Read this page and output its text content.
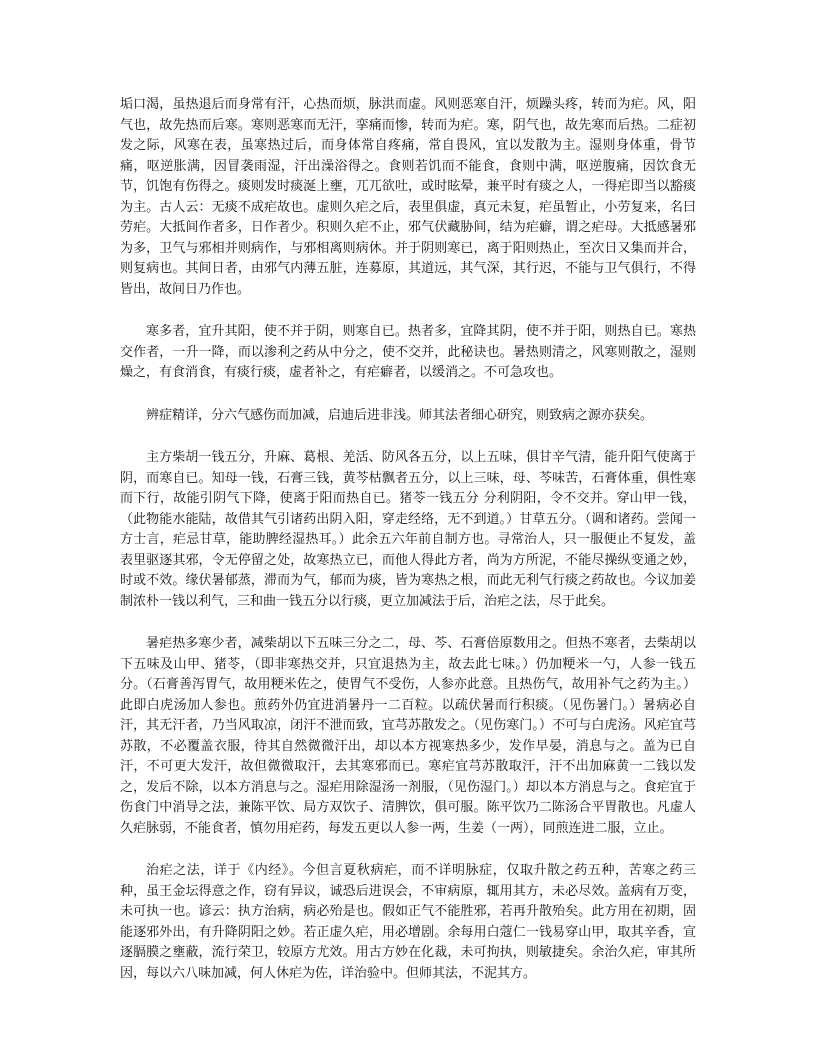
垢口渴，虽热退后而身常有汗，心热而烦，脉洪而虚。风则恶寒自汗，烦躁头疼，转而为疟。风，阳气也，故先热而后寒。寒则恶寒而无汗，挛痛而惨，转而为疟。寒，阴气也，故先寒而后热。二症初发之际，风寒在表，虽寒热过后，而身体常自疼痛，常自畏风，宜以发散为主。湿则身体重，骨节痛，呕逆胀满，因冒袭雨湿，汗出澡浴得之。食则若饥而不能食，食则中满，呕逆腹痛，因饮食无节，饥饱有伤得之。痰则发时痰涎上壅，兀兀欲吐，或时眩晕，兼平时有痰之人，一得疟即当以豁痰为主。古人云：无痰不成疟故也。虚则久疟之后，表里俱虚，真元未复，疟虽暂止，小劳复来，名曰劳疟。大抵间作者多，日作者少。积则久疟不止，邪气伏藏胁间，结为疟癖，谓之疟母。大抵感暑邪为多，卫气与邪相并则病作，与邪相离则病休。并于阴则寒已，离于阳则热止，至次日又集而并合，则复病也。其间日者，由邪气内薄五脏，连募原，其道远，其气深，其行迟，不能与卫气俱行，不得皆出，故间日乃作也。

寒多者，宜升其阳，使不并于阴，则寒自已。热者多，宜降其阴，使不并于阳，则热自已。寒热交作者，一升一降，而以渗利之药从中分之，使不交并，此秘诀也。暑热则清之，风寒则散之，湿则燥之，有食消食，有痰行痰，虚者补之，有疟癖者，以缓消之。不可急攻也。

辨症精详，分六气感伤而加减，启迪后进非浅。师其法者细心研究，则致病之源亦获矣。

主方柴胡一钱五分，升麻、葛根、羌活、防风各五分，以上五味，俱甘辛气清，能升阳气使离于阴，而寒自已。知母一钱，石膏三钱，黄芩枯飘者五分，以上三味，母、芩味苦，石膏体重，俱性寒而下行，故能引阴气下降，使离于阳而热自已。猪苓一钱五分 分利阴阳，令不交并。穿山甲一钱，（此物能水能陆，故借其气引诸药出阴入阳，穿走经络，无不到道。）甘草五分。（调和诸药。尝闻一方士言，疟忌甘草，能助脾经湿热耳。）此余五六年前自制方也。寻常治人，只一服便止不复发，盖表里驱逐其邪，令无停留之处，故寒热立已，而他人得此方者，尚为方所泥，不能尽操纵变通之妙，时或不效。缘伏暑郁蒸，滞而为气，郁而为痰，皆为寒热之根，而此无利气行痰之药故也。今议加姜制浓朴一钱以利气，三和曲一钱五分以行痰，更立加减法于后，治疟之法，尽于此矣。

暑疟热多寒少者，减柴胡以下五味三分之二，母、芩、石膏倍原数用之。但热不寒者，去柴胡以下五味及山甲、猪苓，（即非寒热交并，只宜退热为主，故去此七味。）仍加粳米一勺，人参一钱五分。（石膏善泻胃气，故用粳米佐之，使胃气不受伤，人参亦此意。且热伤气，故用补气之药为主。）此即白虎汤加人参也。煎药外仍宜进消暑丹一二百粒。以疏伏暑而行积痰。（见伤暑门。）暑病必自汗，其无汗者，乃当风取凉，闭汗不泄而致，宜芎苏散发之。（见伤寒门。）不可与白虎汤。风疟宜芎苏散，不必覆盖衣服，待其自然微微汗出，却以本方视寒热多少，发作早晏，消息与之。盖为已自汗，不可更大发汗，故但微微取汗，去其寒邪而已。寒疟宜芎苏散取汗，汗不出加麻黄一二钱以发之，发后不除，以本方消息与之。湿疟用除湿汤一剂服，（见伤湿门。）却以本方消息与之。食疟宜于伤食门中消导之法，兼陈平饮、局方双饮子、清脾饮，俱可服。陈平饮乃二陈汤合平胃散也。凡虚人久疟脉弱，不能食者，慎勿用疟药，每发五更以人参一两，生姜（一两），同煎连进二服，立止。

治疟之法，详于《内经》。今但言夏秋病疟，而不详明脉症，仅取升散之药五种，苦寒之药三种，虽王金坛得意之作，窃有异议，诚恐后进误会，不审病原，辄用其方，未必尽效。盖病有万变，未可执一也。谚云：执方治病，病必殆是也。假如正气不能胜邪，若再升散殆矣。此方用在初期，固能逐邪外出，有升降阴阳之妙。若正虚久疟，用必增剧。余每用白蔻仁一钱易穿山甲，取其辛香，宣逐膈膜之壅蔽，流行荣卫，较原方尤效。用古方妙在化裁，未可拘执，则敏捷矣。余治久疟，审其所因，每以六八味加减，何人休疟为佐，详治验中。但师其法，不泥其方。
